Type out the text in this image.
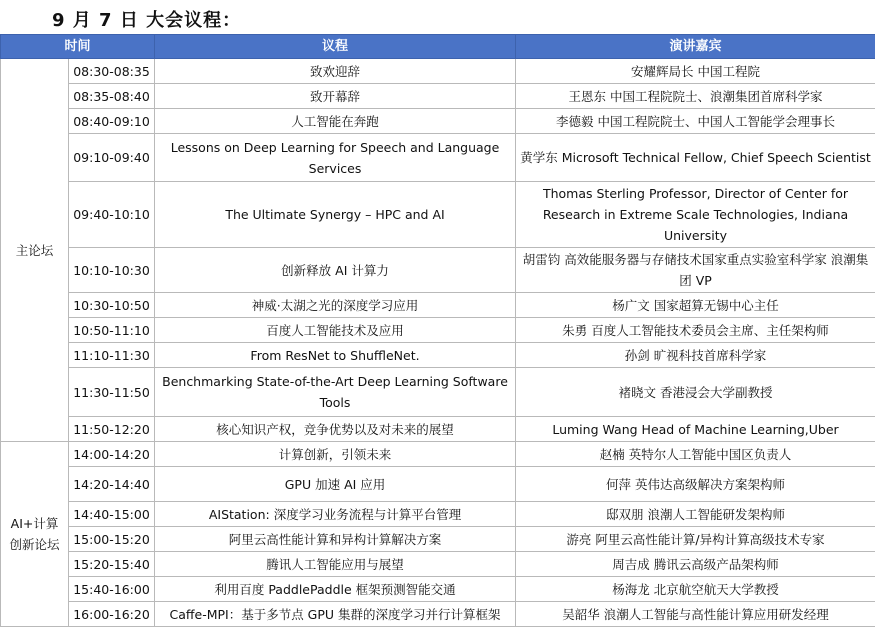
9 月 7 日 大会议程：
时间		议程	演讲嘉宾
主论坛	08:30-08:35	致欢迎辞	安耀辉局长 中国工程院
	08:35-08:40	致开幕辞	王恩东 中国工程院院士、浪潮集团首席科学家
	08:40-09:10	人工智能在奔跑	李德毅 中国工程院院士、中国人工智能学会理事长
	09:10-09:40	Lessons on Deep Learning for Speech and Language Services	黄学东 Microsoft Technical Fellow, Chief Speech Scientist
	09:40-10:10	The Ultimate Synergy – HPC and AI	Thomas Sterling Professor, Director of Center for Research in Extreme Scale Technologies, Indiana University
	10:10-10:30	创新释放 AI 计算力	胡雷钧 高效能服务器与存储技术国家重点实验室科学家 浪潮集团 VP
	10:30-10:50	神威·太湖之光的深度学习应用	杨广文 国家超算无锡中心主任
	10:50-11:10	百度人工智能技术及应用	朱勇 百度人工智能技术委员会主席、主任架构师
	11:10-11:30	From ResNet to ShuffleNet.	孙剑 旷视科技首席科学家
	11:30-11:50	Benchmarking State-of-the-Art Deep Learning Software Tools	褚晓文 香港浸会大学副教授
	11:50-12:20	核心知识产权，竞争优势以及对未来的展望	Luming Wang Head of Machine Learning,Uber
AI+计算创新论坛	14:00-14:20	计算创新，引领未来	赵楠 英特尔人工智能中国区负责人
	14:20-14:40	GPU 加速 AI 应用	何萍 英伟达高级解决方案架构师
	14:40-15:00	AIStation: 深度学习业务流程与计算平台管理	邸双朋 浪潮人工智能研发架构师
	15:00-15:20	阿里云高性能计算和异构计算解决方案	游亮 阿里云高性能计算/异构计算高级技术专家
	15:20-15:40	腾讯人工智能应用与展望	周吉成 腾讯云高级产品架构师
	15:40-16:00	利用百度 PaddlePaddle 框架预测智能交通	杨海龙 北京航空航天大学教授
	16:00-16:20	Caffe-MPI：基于多节点 GPU 集群的深度学习并行计算框架	吴韶华 浪潮人工智能与高性能计算应用研发经理
